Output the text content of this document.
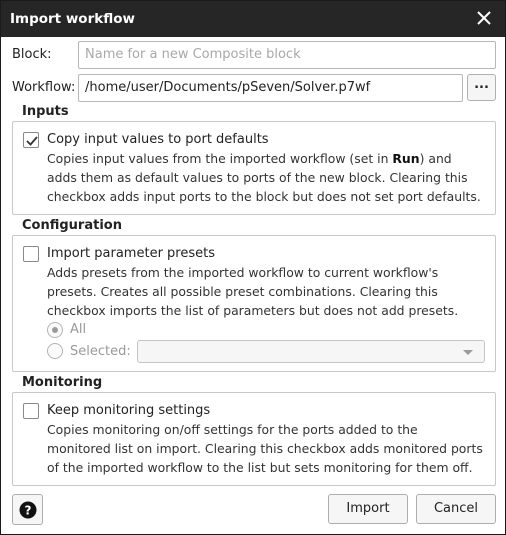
Import workflow
Block:	Name for a new Composite block
Workflow: /home/user/Documents/pSeven/Solver.p7wf	...
Inputs
Copy input values to port defaults
Copies input values from the imported workflow (set in Run) and adds them as default values to ports of the new block. Clearing this checkbox adds input ports to the block but does not set port defaults.
Configuration
Import parameter presets
Adds presets from the imported workflow to current workflow's presets. Creates all possible preset combinations. Clearing this checkbox imports the list of parameters but does not add presets.
All
Selected:
Monitoring
Keep monitoring settings
Copies monitoring on/off settings for the ports added to the monitored list on import. Clearing this checkbox adds monitored ports of the imported workflow to the list but sets monitoring for them off.
?	Import	Cancel
